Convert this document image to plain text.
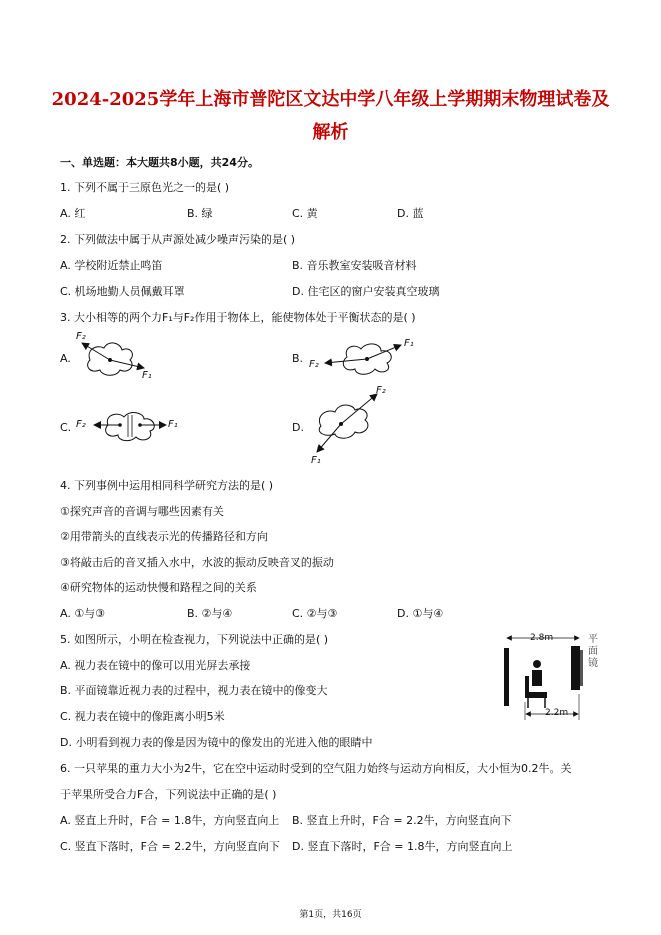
2024-2025学年上海市普陀区文达中学八年级上学期期末物理试卷及
解析
一、单选题：本大题共8小题，共24分。
1. 下列不属于三原色光之一的是( )
A. 红	B. 绿	C. 黄	D. 蓝
2. 下列做法中属于从声源处减少噪声污染的是( )
A. 学校附近禁止鸣笛	B. 音乐教室安装吸音材料
C. 机场地勤人员佩戴耳罩	D. 住宅区的窗户安装真空玻璃
3. 大小相等的两个力F₁与F₂作用于物体上，能使物体处于平衡状态的是( )
A.
F₂
F₁
B. F₂
F₁
C. F₂	F₁	D.
F₂
F₁
4. 下列事例中运用相同科学研究方法的是( )
①探究声音的音调与哪些因素有关
②用带箭头的直线表示光的传播路径和方向
③将敲击后的音叉插入水中，水波的振动反映音叉的振动
④研究物体的运动快慢和路程之间的关系
A. ①与③	B. ②与④	C. ②与③	D. ①与④
5. 如图所示，小明在检查视力，下列说法中正确的是( )
A. 视力表在镜中的像可以用光屏去承接
B. 平面镜靠近视力表的过程中，视力表在镜中的像变大
C. 视力表在镜中的像距离小明5米
D. 小明看到视力表的像是因为镜中的像发出的光进入他的眼睛中
2.8m
2.2m
平面镜
6. 一只苹果的重力大小为2牛，它在空中运动时受到的空气阻力始终与运动方向相反，大小恒为0.2牛。关
于苹果所受合力F合，下列说法中正确的是( )
A. 竖直上升时，F合 = 1.8牛，方向竖直向上 B. 竖直上升时，F合 = 2.2牛，方向竖直向下
C. 竖直下落时，F合 = 2.2牛，方向竖直向下 D. 竖直下落时，F合 = 1.8牛，方向竖直向上
第1页，共16页
